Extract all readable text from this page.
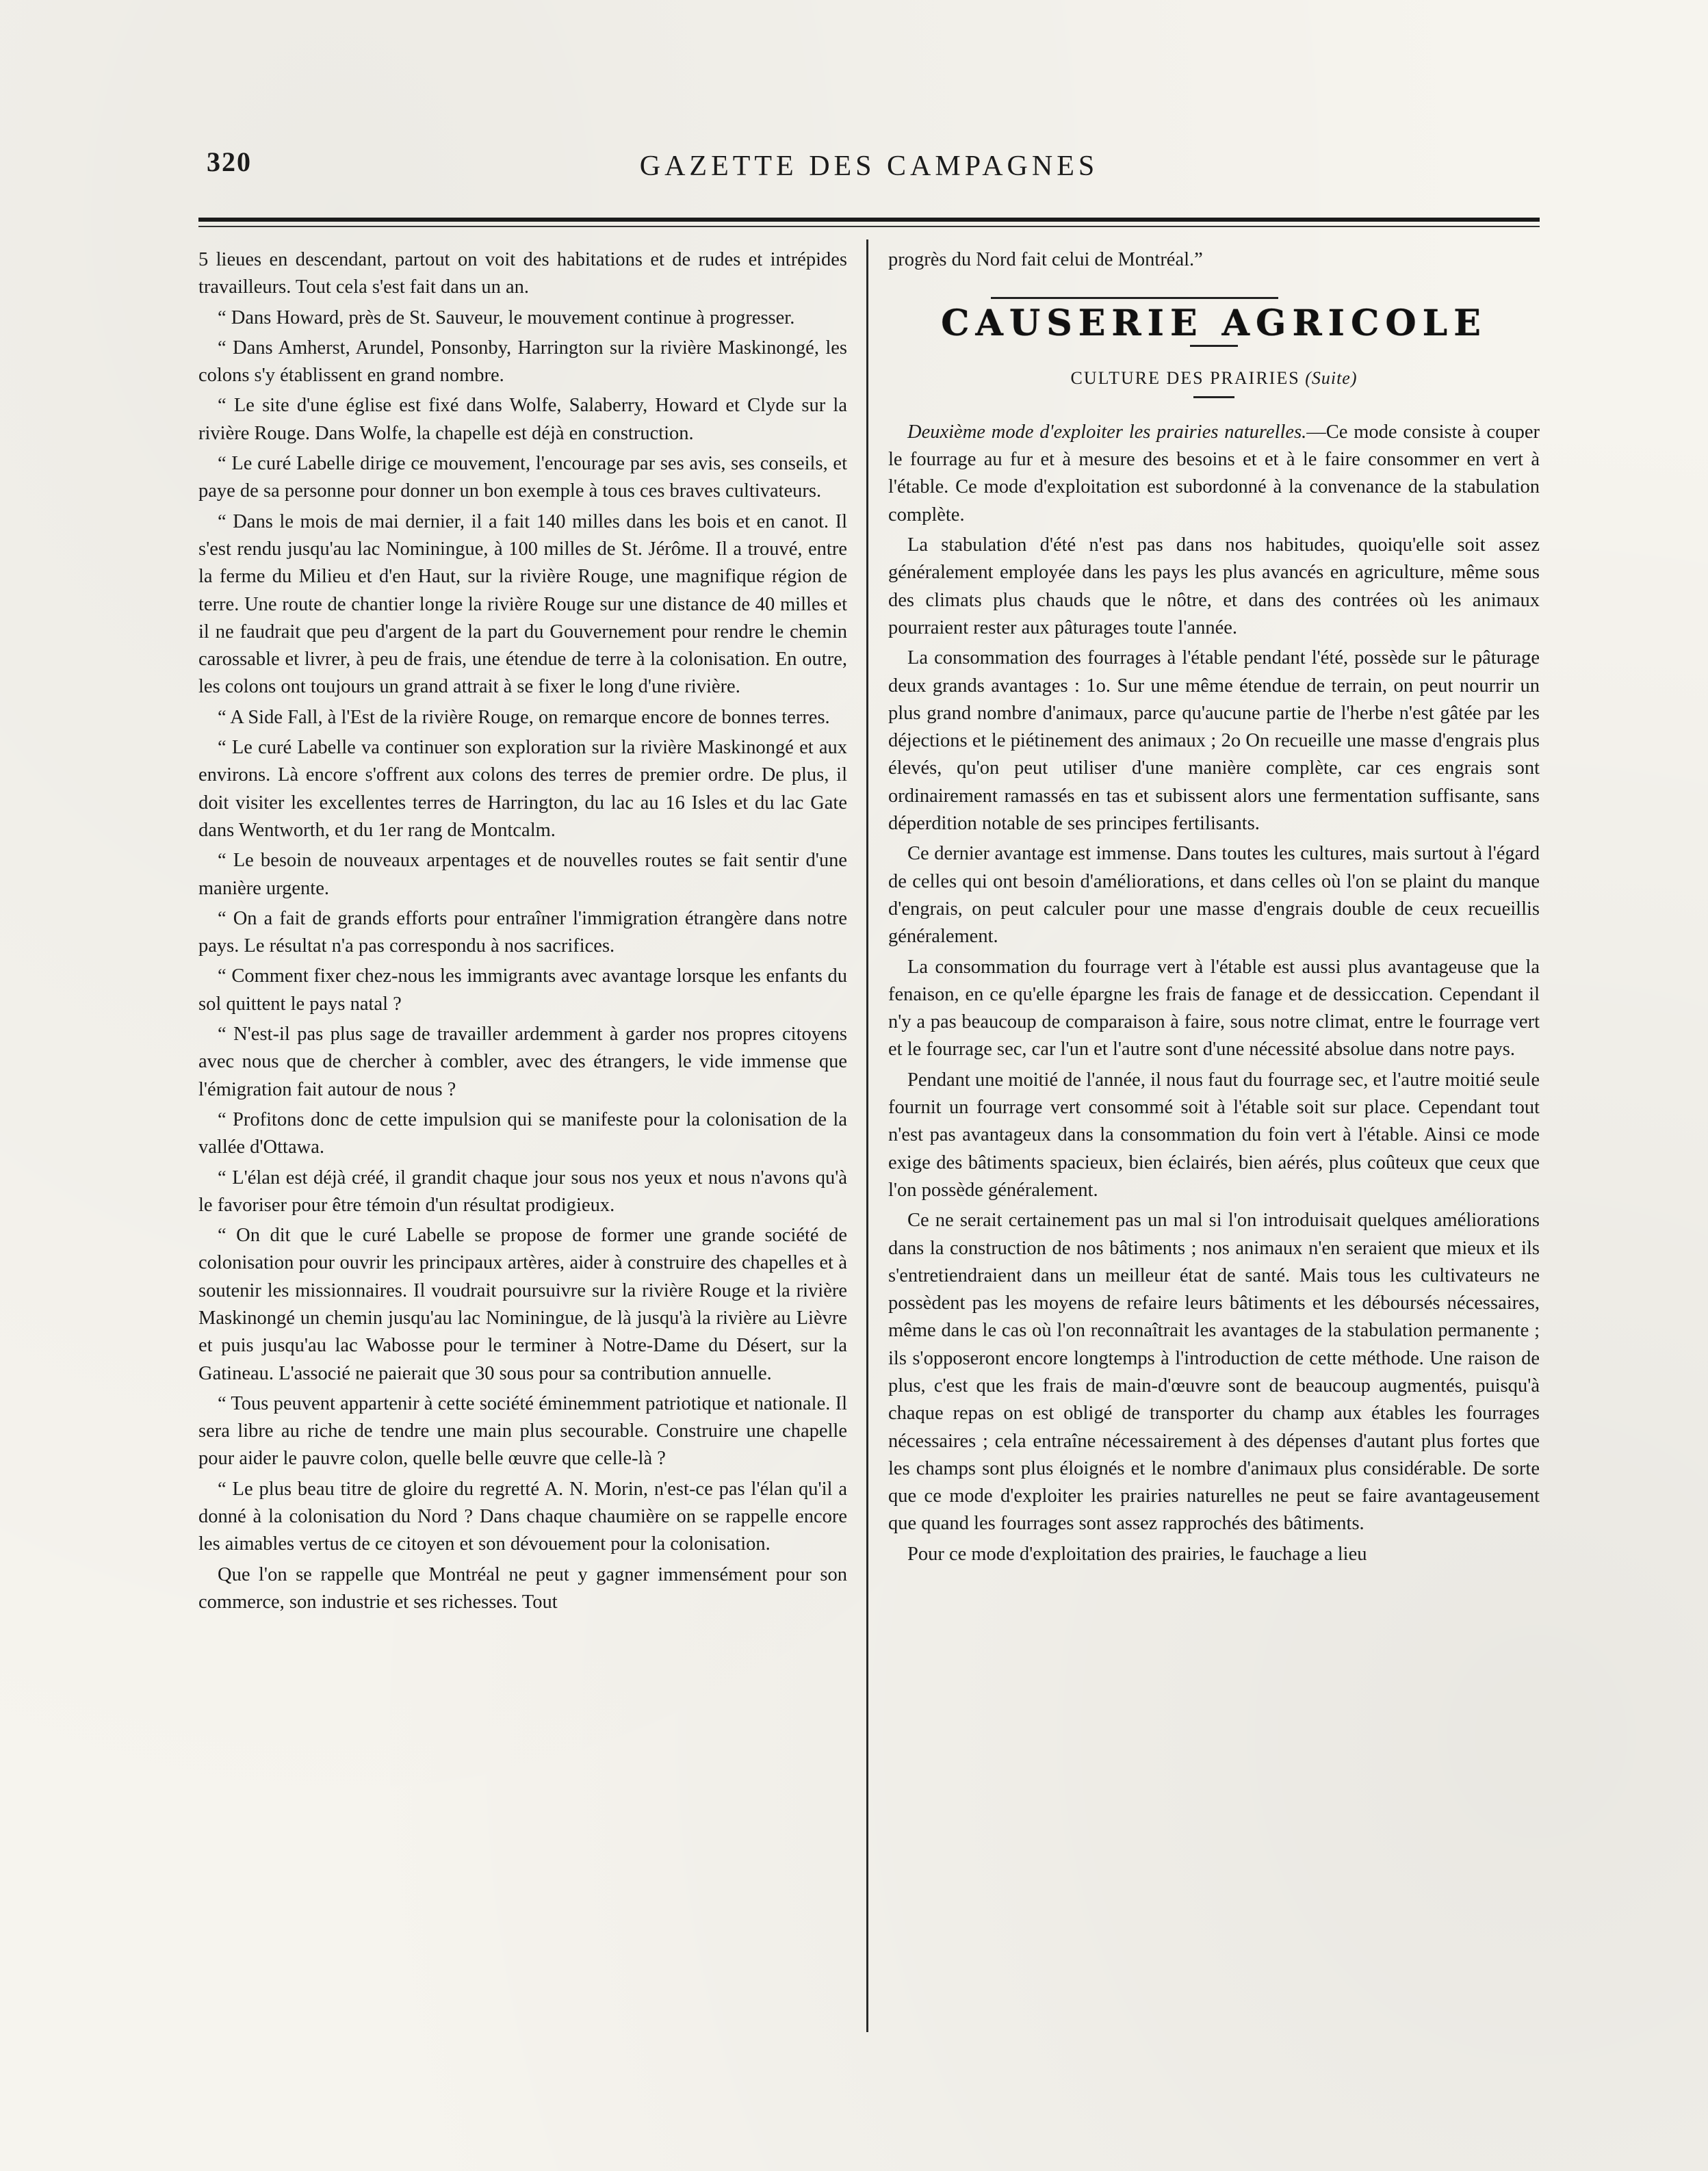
320	GAZETTE DES CAMPAGNES

5 lieues en descendant, partout on voit des habitations et de rudes et intrépides travailleurs. Tout cela s'est fait dans un an.

“ Dans Howard, près de St. Sauveur, le mouvement continue à progresser.

“ Dans Amherst, Arundel, Ponsonby, Harrington sur la rivière Maskinongé, les colons s'y établissent en grand nombre.

“ Le site d'une église est fixé dans Wolfe, Salaberry, Howard et Clyde sur la rivière Rouge. Dans Wolfe, la chapelle est déjà en construction.

“ Le curé Labelle dirige ce mouvement, l'encourage par ses avis, ses conseils, et paye de sa personne pour donner un bon exemple à tous ces braves cultivateurs.

“ Dans le mois de mai dernier, il a fait 140 milles dans les bois et en canot. Il s'est rendu jusqu'au lac Nominingue, à 100 milles de St. Jérôme. Il a trouvé, entre la ferme du Milieu et d'en Haut, sur la rivière Rouge, une magnifique région de terre. Une route de chantier longe la rivière Rouge sur une distance de 40 milles et il ne faudrait que peu d'argent de la part du Gouvernement pour rendre le chemin carossable et livrer, à peu de frais, une étendue de terre à la colonisation. En outre, les colons ont toujours un grand attrait à se fixer le long d'une rivière.

“ A Side Fall, à l'Est de la rivière Rouge, on remarque encore de bonnes terres.

“ Le curé Labelle va continuer son exploration sur la rivière Maskinongé et aux environs. Là encore s'offrent aux colons des terres de premier ordre. De plus, il doit visiter les excellentes terres de Harrington, du lac au 16 Isles et du lac Gate dans Wentworth, et du 1er rang de Montcalm.

“ Le besoin de nouveaux arpentages et de nouvelles routes se fait sentir d'une manière urgente.

“ On a fait de grands efforts pour entraîner l'immigration étrangère dans notre pays. Le résultat n'a pas correspondu à nos sacrifices.

“ Comment fixer chez-nous les immigrants avec avantage lorsque les enfants du sol quittent le pays natal ?

“ N'est-il pas plus sage de travailler ardemment à garder nos propres citoyens avec nous que de chercher à combler, avec des étrangers, le vide immense que l'émigration fait autour de nous ?

“ Profitons donc de cette impulsion qui se manifeste pour la colonisation de la vallée d'Ottawa.

“ L'élan est déjà créé, il grandit chaque jour sous nos yeux et nous n'avons qu'à le favoriser pour être témoin d'un résultat prodigieux.

“ On dit que le curé Labelle se propose de former une grande société de colonisation pour ouvrir les principaux artères, aider à construire des chapelles et à soutenir les missionnaires. Il voudrait poursuivre sur la rivière Rouge et la rivière Maskinongé un chemin jusqu'au lac Nominingue, de là jusqu'à la rivière au Lièvre et puis jusqu'au lac Wabosse pour le terminer à Notre-Dame du Désert, sur la Gatineau. L'associé ne paierait que 30 sous pour sa contribution annuelle.

“ Tous peuvent appartenir à cette société éminemment patriotique et nationale. Il sera libre au riche de tendre une main plus secourable. Construire une chapelle pour aider le pauvre colon, quelle belle œuvre que celle-là ?

“ Le plus beau titre de gloire du regretté A. N. Morin, n'est-ce pas l'élan qu'il a donné à la colonisation du Nord ? Dans chaque chaumière on se rappelle encore les aimables vertus de ce citoyen et son dévouement pour la colonisation.

Que l'on se rappelle que Montréal ne peut y gagner immensément pour son commerce, son industrie et ses richesses. Tout

progrès du Nord fait celui de Montréal.”

CAUSERIE AGRICOLE
CULTURE DES PRAIRIES (Suite)

Deuxième mode d'exploiter les prairies naturelles.—Ce mode consiste à couper le fourrage au fur et à mesure des besoins et et à le faire consommer en vert à l'étable. Ce mode d'exploitation est subordonné à la convenance de la stabulation complète.

La stabulation d'été n'est pas dans nos habitudes, quoiqu'elle soit assez généralement employée dans les pays les plus avancés en agriculture, même sous des climats plus chauds que le nôtre, et dans des contrées où les animaux pourraient rester aux pâturages toute l'année.

La consommation des fourrages à l'étable pendant l'été, possède sur le pâturage deux grands avantages : 1o. Sur une même étendue de terrain, on peut nourrir un plus grand nombre d'animaux, parce qu'aucune partie de l'herbe n'est gâtée par les déjections et le piétinement des animaux ; 2o On recueille une masse d'engrais plus élevés, qu'on peut utiliser d'une manière complète, car ces engrais sont ordinairement ramassés en tas et subissent alors une fermentation suffisante, sans déperdition notable de ses principes fertilisants.

Ce dernier avantage est immense. Dans toutes les cultures, mais surtout à l'égard de celles qui ont besoin d'améliorations, et dans celles où l'on se plaint du manque d'engrais, on peut calculer pour une masse d'engrais double de ceux recueillis généralement.

La consommation du fourrage vert à l'étable est aussi plus avantageuse que la fenaison, en ce qu'elle épargne les frais de fanage et de dessiccation. Cependant il n'y a pas beaucoup de comparaison à faire, sous notre climat, entre le fourrage vert et le fourrage sec, car l'un et l'autre sont d'une nécessité absolue dans notre pays.

Pendant une moitié de l'année, il nous faut du fourrage sec, et l'autre moitié seule fournit un fourrage vert consommé soit à l'étable soit sur place. Cependant tout n'est pas avantageux dans la consommation du foin vert à l'étable. Ainsi ce mode exige des bâtiments spacieux, bien éclairés, bien aérés, plus coûteux que ceux que l'on possède généralement.

Ce ne serait certainement pas un mal si l'on introduisait quelques améliorations dans la construction de nos bâtiments ; nos animaux n'en seraient que mieux et ils s'entretiendraient dans un meilleur état de santé. Mais tous les cultivateurs ne possèdent pas les moyens de refaire leurs bâtiments et les déboursés nécessaires, même dans le cas où l'on reconnaîtrait les avantages de la stabulation permanente ; ils s'opposeront encore longtemps à l'introduction de cette méthode. Une raison de plus, c'est que les frais de main-d'œuvre sont de beaucoup augmentés, puisqu'à chaque repas on est obligé de transporter du champ aux étables les fourrages nécessaires ; cela entraîne nécessairement à des dépenses d'autant plus fortes que les champs sont plus éloignés et le nombre d'animaux plus considérable. De sorte que ce mode d'exploiter les prairies naturelles ne peut se faire avantageusement que quand les fourrages sont assez rapprochés des bâtiments.

Pour ce mode d'exploitation des prairies, le fauchage a lieu
